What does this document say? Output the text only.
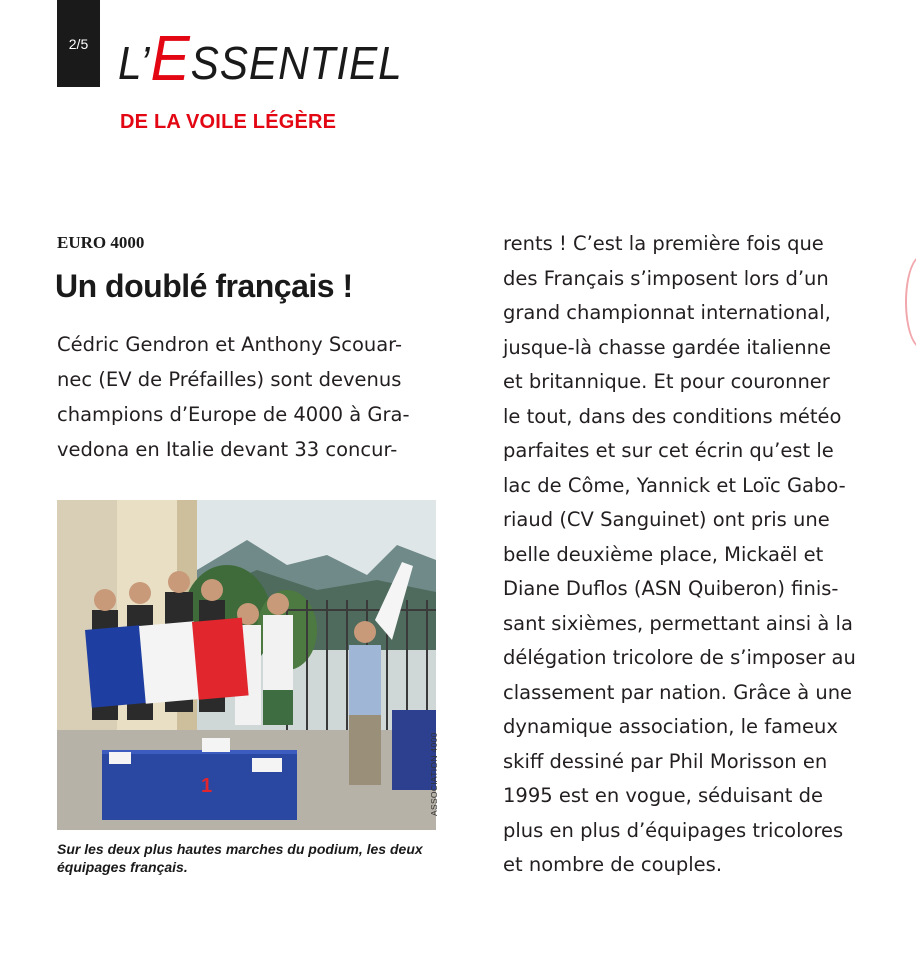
2/5 L’ E SSENTIEL
DE LA VOILE LÉGÈRE
EURO 4000
Un doublé français !
Cédric Gendron et Anthony Scouar-
nec (EV de Préfailles) sont devenus
champions d’Europe de 4000 à Gra-
vedona en Italie devant 33 concur-
1	ASSOCIATION 4000
Sur les deux plus hautes marches du podium, les deux équipages français.
rents ! C’est la première fois que
des Français s’imposent lors d’un
grand championnat international,
jusque-là chasse gardée italienne
et britannique. Et pour couronner
le tout, dans des conditions météo
parfaites et sur cet écrin qu’est le
lac de Côme, Yannick et Loïc Gabo-
riaud (CV Sanguinet) ont pris une
belle deuxième place, Mickaël et
Diane Duflos (ASN Quiberon) finis-
sant sixièmes, permettant ainsi à la
délégation tricolore de s’imposer au
classement par nation. Grâce à une
dynamique association, le fameux
skiff dessiné par Phil Morisson en
1995 est en vogue, séduisant de
plus en plus d’équipages tricolores
et nombre de couples.
